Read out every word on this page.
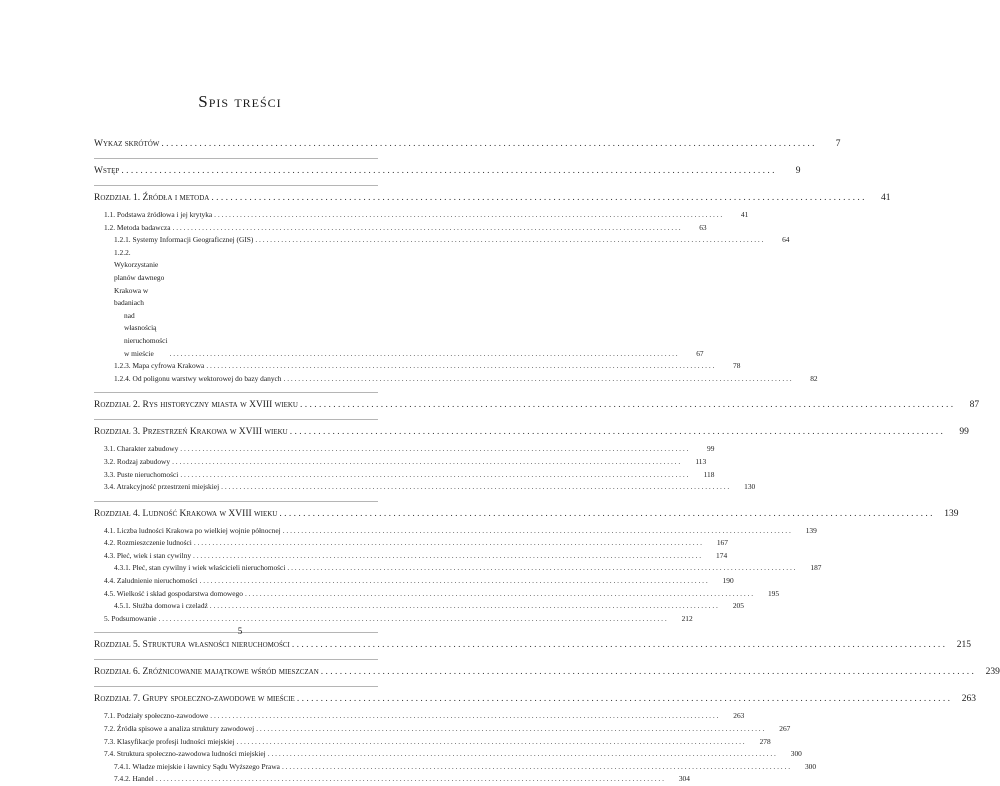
Spis treści
Wykaz skrótów . . .	7
Wstęp . . .	9
Rozdział 1. Źródła i metoda . . .	41
1.1. Podstawa źródłowa i jej krytyka . . .	41
1.2. Metoda badawcza . . .	63
1.2.1. Systemy Informacji Geograficznej (GIS) . . .	64
1.2.2. Wykorzystanie planów dawnego Krakowa w badaniach
nad własnością nieruchomości w mieście . . .	67
1.2.3. Mapa cyfrowa Krakowa . . .	78
1.2.4. Od poligonu warstwy wektorowej do bazy danych . . .	82
Rozdział 2. Rys historyczny miasta w XVIII wieku . . .	87
Rozdział 3. Przestrzeń Krakowa w XVIII wieku . . .	99
3.1. Charakter zabudowy . . .	99
3.2. Rodzaj zabudowy . . .	113
3.3. Puste nieruchomości . . .	118
3.4. Atrakcyjność przestrzeni miejskiej . . .	130
Rozdział 4. Ludność Krakowa w XVIII wieku . . .	139
4.1. Liczba ludności Krakowa po wielkiej wojnie północnej . . .	139
4.2. Rozmieszczenie ludności . . .	167
4.3. Płeć, wiek i stan cywilny . . .	174
4.3.1. Płeć, stan cywilny i wiek właścicieli nieruchomości . . .	187
4.4. Zaludnienie nieruchomości . . .	190
4.5. Wielkość i skład gospodarstwa domowego . . .	195
4.5.1. Służba domowa i czeladź . . .	205
5. Podsumowanie . . .	212
Rozdział 5. Struktura własności nieruchomości . . .	215
Rozdział 6. Zróżnicowanie majątkowe wśród mieszczan . . .	239
Rozdział 7. Grupy społeczno-zawodowe w mieście . . .	263
7.1. Podziały społeczno-zawodowe . . .	263
7.2. Źródła spisowe a analiza struktury zawodowej . . .	267
7.3. Klasyfikacje profesji ludności miejskiej . . .	278
7.4. Struktura społeczno-zawodowa ludności miejskiej . . .	300
7.4.1. Władze miejskie i ławnicy Sądu Wyższego Prawa . . .	300
7.4.2. Handel . . .	304
5
